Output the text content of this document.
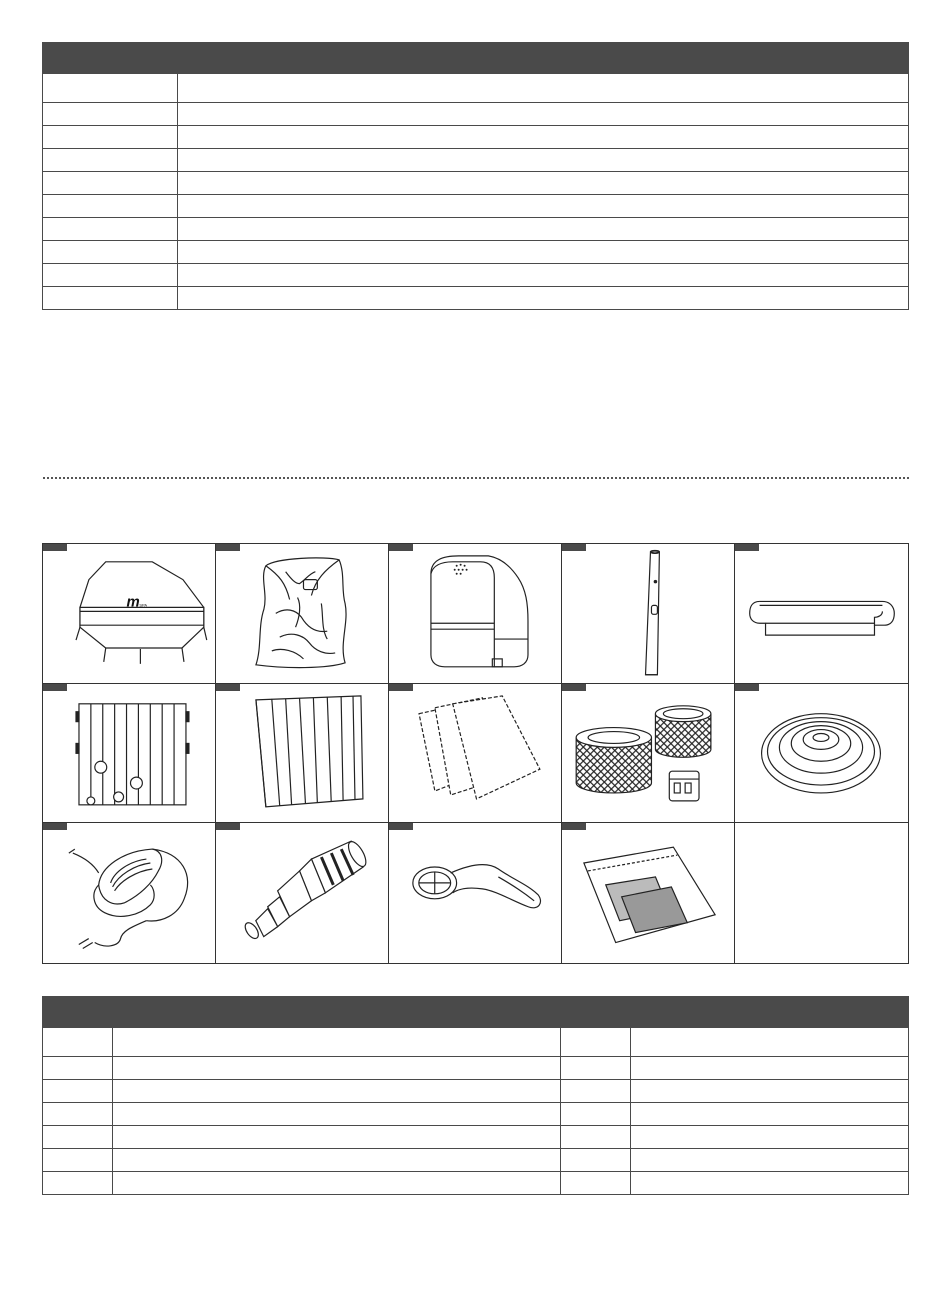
m SPA
